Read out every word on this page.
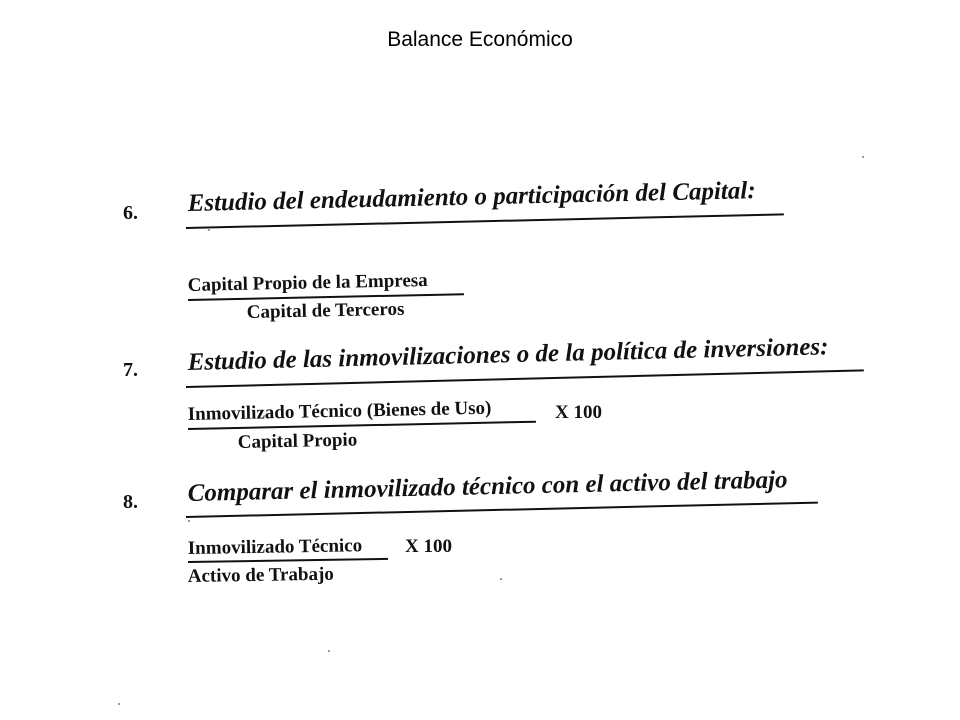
Balance Económico
6. Estudio del endeudamiento o participación del Capital:
Capital Propio de la Empresa
Capital de Terceros
7. Estudio de las inmovilizaciones o de la política de inversiones:
Inmovilizado Técnico (Bienes de Uso)	X 100
Capital Propio
8. Comparar el inmovilizado técnico con el activo del trabajo
Inmovilizado Técnico X 100
Activo de Trabajo
